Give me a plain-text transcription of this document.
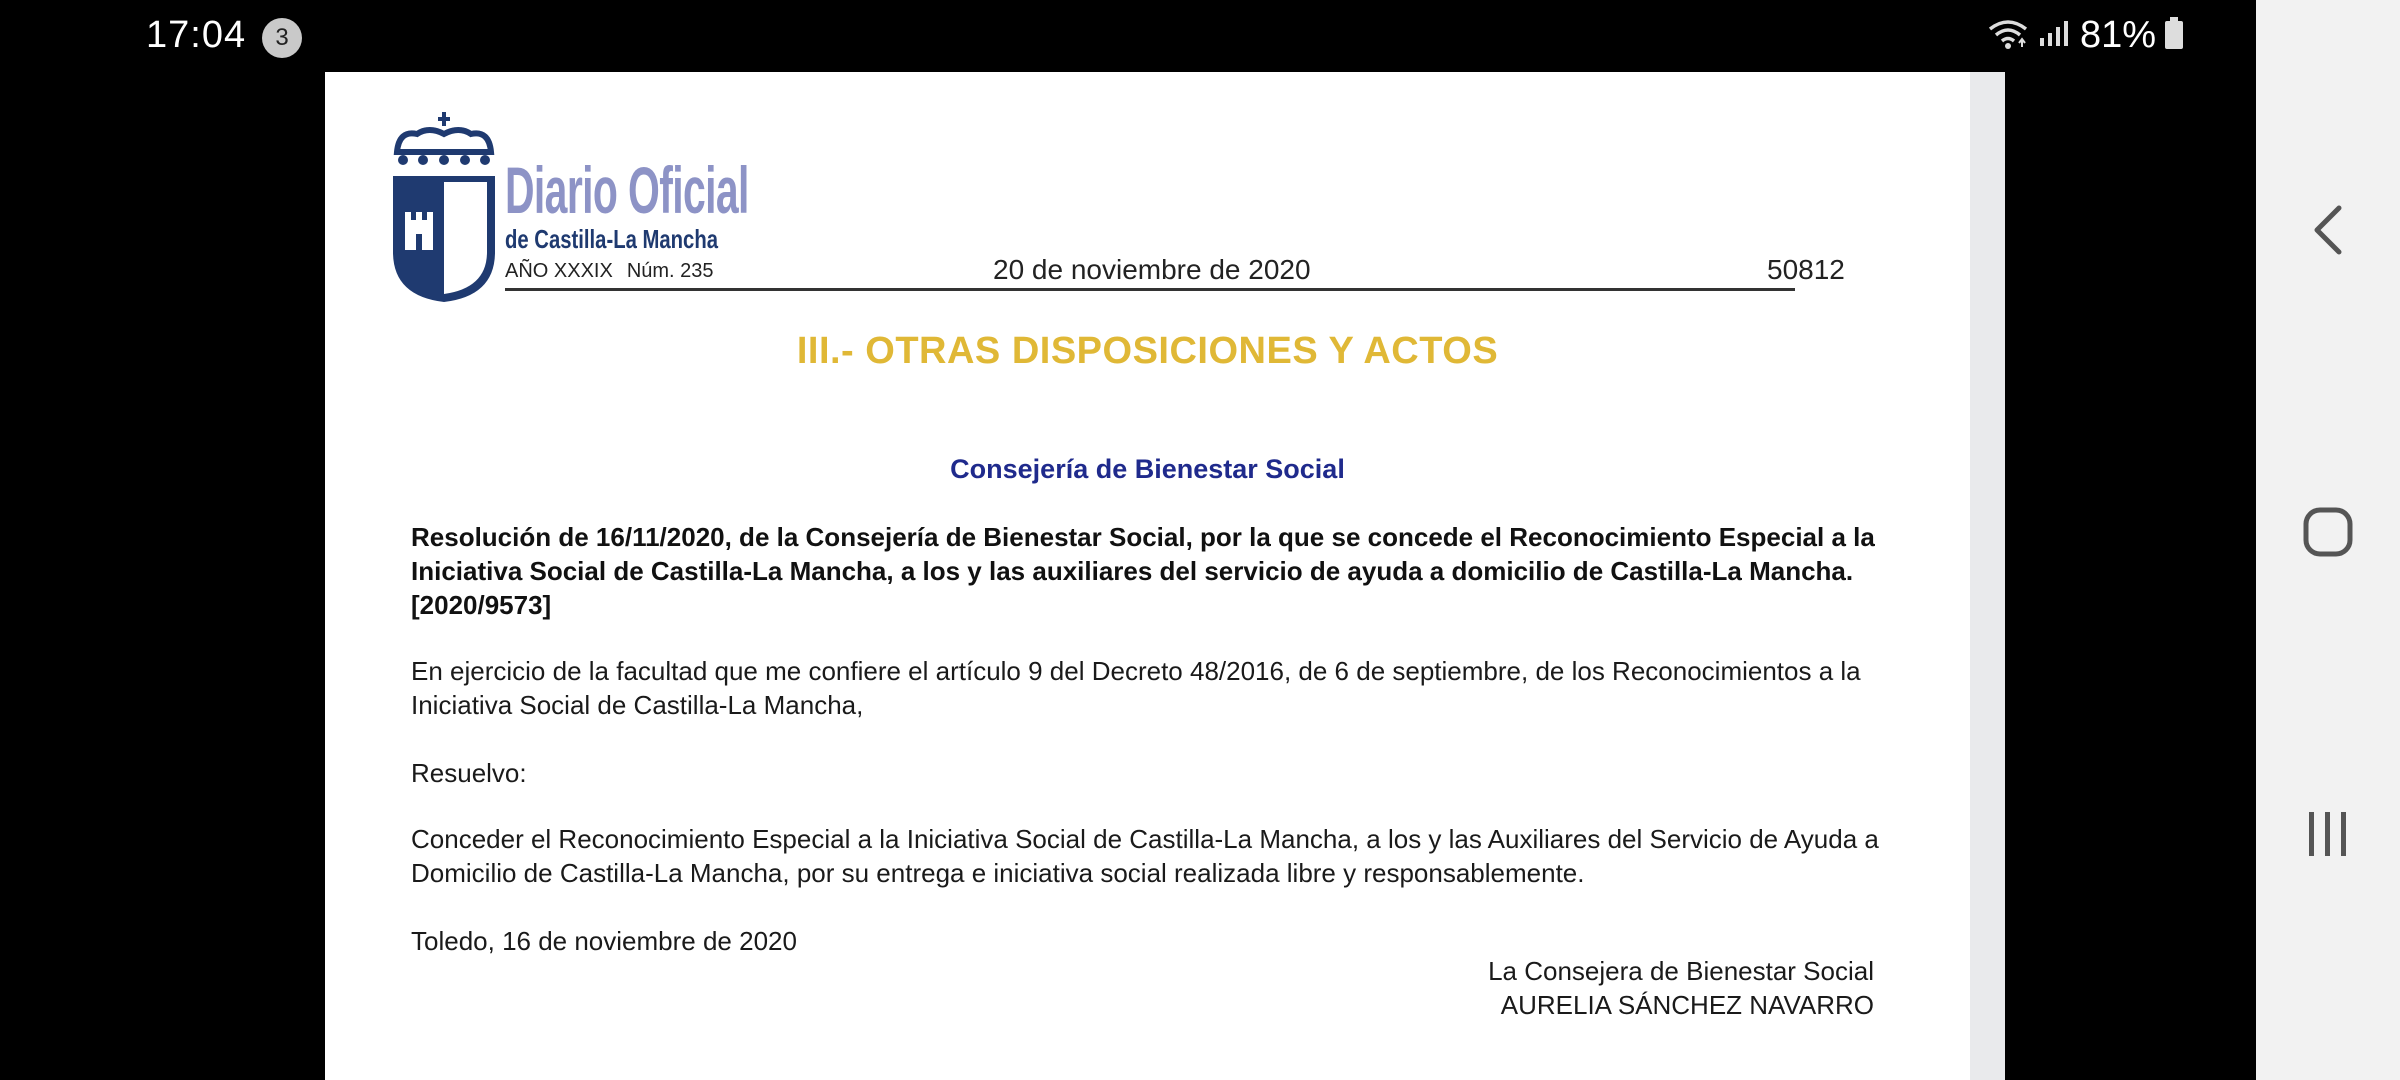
17:04	3	81%
Diario Oficial
de Castilla-La Mancha
AÑO XXXIX Núm. 235	20 de noviembre de 2020	50812
III.- OTRAS DISPOSICIONES Y ACTOS
Consejería de Bienestar Social
Resolución de 16/11/2020, de la Consejería de Bienestar Social, por la que se concede el Reconocimiento Especial a la Iniciativa Social de Castilla-La Mancha, a los y las auxiliares del servicio de ayuda a domicilio de Castilla-La Mancha. [2020/9573]
En ejercicio de la facultad que me confiere el artículo 9 del Decreto 48/2016, de 6 de septiembre, de los Reconocimientos a la Iniciativa Social de Castilla-La Mancha,
Resuelvo:
Conceder el Reconocimiento Especial a la Iniciativa Social de Castilla-La Mancha, a los y las Auxiliares del Servicio de Ayuda a Domicilio de Castilla-La Mancha, por su entrega e iniciativa social realizada libre y responsablemente.
Toledo, 16 de noviembre de 2020
La Consejera de Bienestar Social
AURELIA SÁNCHEZ NAVARRO
